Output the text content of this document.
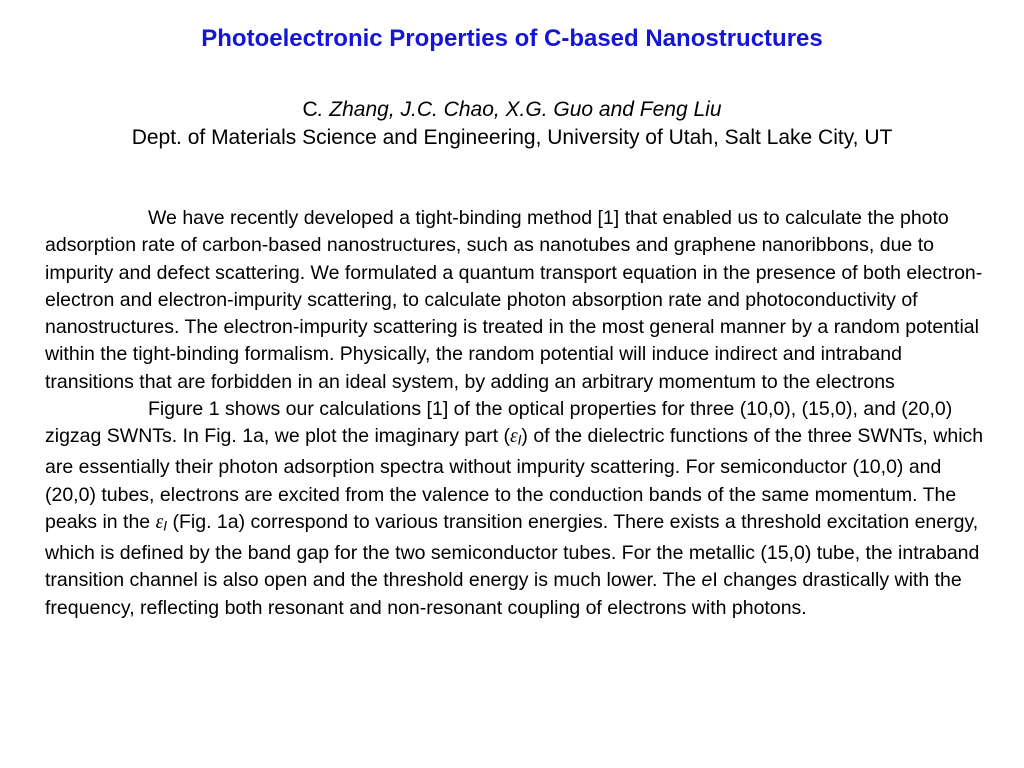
Photoelectronic Properties of C-based Nanostructures
C. Zhang, J.C. Chao, X.G. Guo and Feng Liu
Dept. of Materials Science and Engineering, University of Utah, Salt Lake City, UT

We have recently developed a tight-binding method [1] that enabled us to calculate the photo adsorption rate of carbon-based nanostructures, such as nanotubes and graphene nanoribbons, due to impurity and defect scattering. We formulated a quantum transport equation in the presence of both electron-electron and electron-impurity scattering, to calculate photon absorption rate and photoconductivity of nanostructures. The electron-impurity scattering is treated in the most general manner by a random potential within the tight-binding formalism. Physically, the random potential will induce indirect and intraband transitions that are forbidden in an ideal system, by adding an arbitrary momentum to the electrons

Figure 1 shows our calculations [1] of the optical properties for three (10,0), (15,0), and (20,0) zigzag SWNTs. In Fig. 1a, we plot the imaginary part (εI) of the dielectric functions of the three SWNTs, which are essentially their photon adsorption spectra without impurity scattering. For semiconductor (10,0) and (20,0) tubes, electrons are excited from the valence to the conduction bands of the same momentum. The peaks in the εI (Fig. 1a) correspond to various transition energies. There exists a threshold excitation energy, which is defined by the band gap for the two semiconductor tubes. For the metallic (15,0) tube, the intraband transition channel is also open and the threshold energy is much lower. The eI changes drastically with the frequency, reflecting both resonant and non-resonant coupling of electrons with photons.
